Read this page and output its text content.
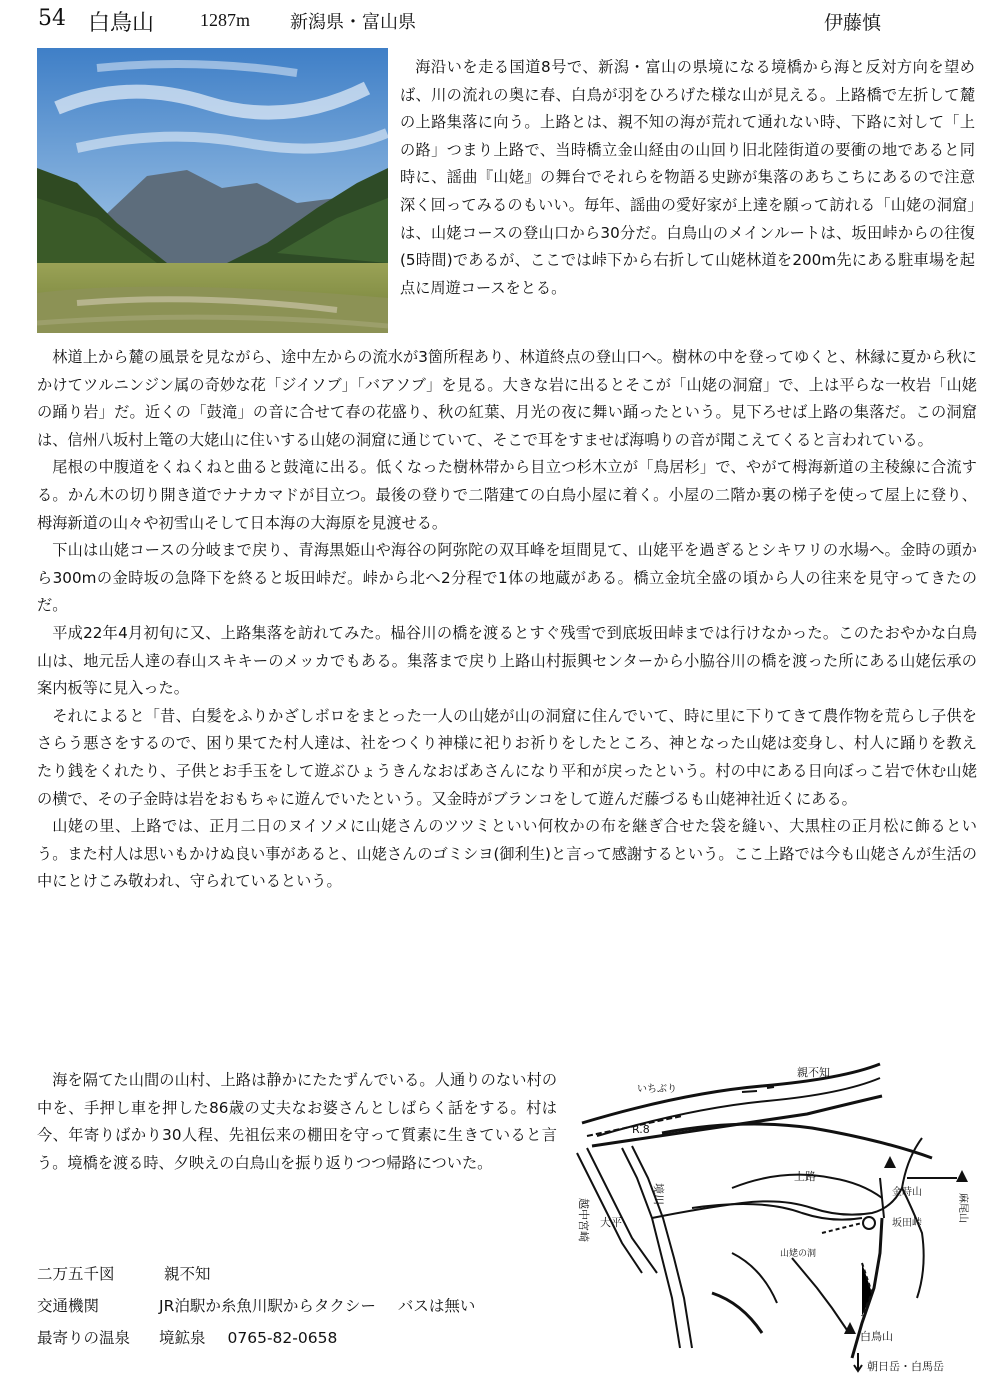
54 白鳥山	1287m 新潟県・富山県	伊藤慎

海沿いを走る国道8号で、新潟・富山の県境になる境橋から海と反対方向を望めば、川の流れの奥に春、白鳥が羽をひろげた様な山が見える。上路橋で左折して麓の上路集落に向う。上路とは、親不知の海が荒れて通れない時、下路に対して「上の路」つまり上路で、当時橋立金山経由の山回り旧北陸街道の要衝の地であると同時に、謡曲『山姥』の舞台でそれらを物語る史跡が集落のあちこちにあるので注意深く回ってみるのもいい。毎年、謡曲の愛好家が上達を願って訪れる「山姥の洞窟」は、山姥コースの登山口から30分だ。白鳥山のメインルートは、坂田峠からの往復(5時間)であるが、ここでは峠下から右折して山姥林道を200m先にある駐車場を起点に周遊コースをとる。

林道上から麓の風景を見ながら、途中左からの流水が3箇所程あり、林道終点の登山口へ。樹林の中を登ってゆくと、林縁に夏から秋にかけてツルニンジン属の奇妙な花「ジイソブ」「バアソブ」を見る。大きな岩に出るとそこが「山姥の洞窟」で、上は平らな一枚岩「山姥の踊り岩」だ。近くの「鼓滝」の音に合せて春の花盛り、秋の紅葉、月光の夜に舞い踊ったという。見下ろせば上路の集落だ。この洞窟は、信州八坂村上篭の大姥山に住いする山姥の洞窟に通じていて、そこで耳をすませば海鳴りの音が聞こえてくると言われている。

尾根の中腹道をくねくねと曲ると鼓滝に出る。低くなった樹林帯から目立つ杉木立が「鳥居杉」で、やがて栂海新道の主稜線に合流する。かん木の切り開き道でナナカマドが目立つ。最後の登りで二階建ての白鳥小屋に着く。小屋の二階か裏の梯子を使って屋上に登り、栂海新道の山々や初雪山そして日本海の大海原を見渡せる。

下山は山姥コースの分岐まで戻り、青海黒姫山や海谷の阿弥陀の双耳峰を垣間見て、山姥平を過ぎるとシキワリの水場へ。金時の頭から300mの金時坂の急降下を終ると坂田峠だ。峠から北へ2分程で1体の地蔵がある。橋立金坑全盛の頃から人の往来を見守ってきたのだ。

平成22年4月初旬に又、上路集落を訪れてみた。榀谷川の橋を渡るとすぐ残雪で到底坂田峠までは行けなかった。このたおやかな白鳥山は、地元岳人達の春山スキキーのメッカでもある。集落まで戻り上路山村振興センターから小脇谷川の橋を渡った所にある山姥伝承の案内板等に見入った。

それによると「昔、白髪をふりかざしボロをまとった一人の山姥が山の洞窟に住んでいて、時に里に下りてきて農作物を荒らし子供をさらう悪さをするので、困り果てた村人達は、社をつくり神様に祀りお祈りをしたところ、神となった山姥は変身し、村人に踊りを教えたり銭をくれたり、子供とお手玉をして遊ぶひょうきんなおばあさんになり平和が戻ったという。村の中にある日向ぼっこ岩で休む山姥の横で、その子金時は岩をおもちゃに遊んでいたという。又金時がブランコをして遊んだ藤づるも山姥神社近くにある。

山姥の里、上路では、正月二日のヌイソメに山姥さんのツツミといい何枚かの布を継ぎ合せた袋を縫い、大黒柱の正月松に飾るという。また村人は思いもかけぬ良い事があると、山姥さんのゴミシヨ(御利生)と言って感謝するという。ここ上路では今も山姥さんが生活の中にとけこみ敬われ、守られているという。

海を隔てた山間の山村、上路は静かにたたずんでいる。人通りのない村の中を、手押し車を押した86歳の丈夫なお婆さんとしばらく話をする。村は今、年寄りばかり30人程、先祖伝来の棚田を守って質素に生きていると言う。境橋を渡る時、夕映えの白鳥山を振り返りつつ帰路についた。

二万五千図	親不知
交通機関	JR泊駅か糸魚川駅からタクシー バスは無い
最寄りの温泉 境鉱泉 0765-82-0658
親不知
いちぶり
R.8
境川
越中宮崎
上路
金時山
麻尾山
坂田峠
大平
山姥の洞
白鳥山
朝日岳・白馬岳
